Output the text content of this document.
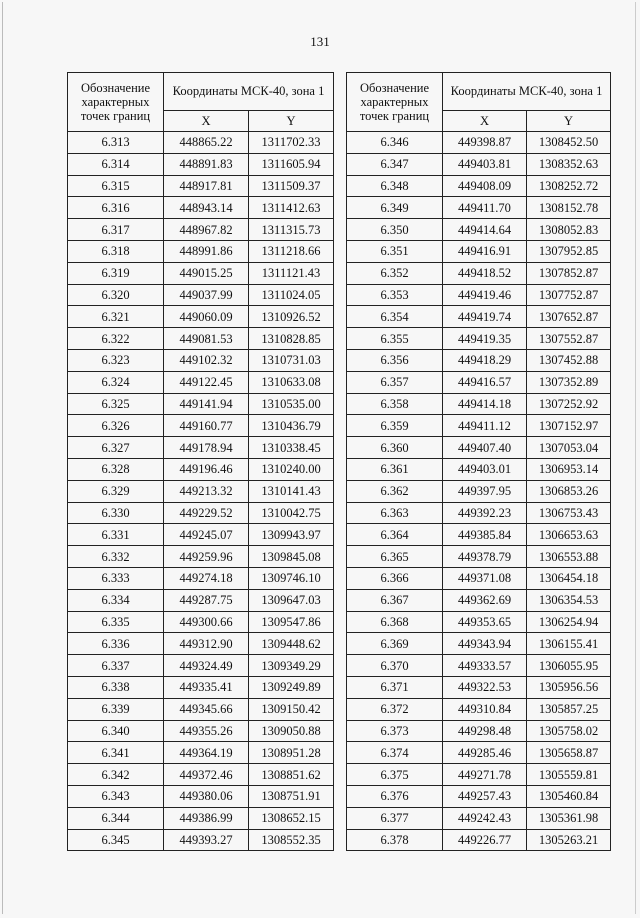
131
Обозначение характерных точек границ	Координаты МСК-40, зона 1	
	X	Y
6.313	448865.22	1311702.33
6.314	448891.83	1311605.94
6.315	448917.81	1311509.37
6.316	448943.14	1311412.63
6.317	448967.82	1311315.73
6.318	448991.86	1311218.66
6.319	449015.25	1311121.43
6.320	449037.99	1311024.05
6.321	449060.09	1310926.52
6.322	449081.53	1310828.85
6.323	449102.32	1310731.03
6.324	449122.45	1310633.08
6.325	449141.94	1310535.00
6.326	449160.77	1310436.79
6.327	449178.94	1310338.45
6.328	449196.46	1310240.00
6.329	449213.32	1310141.43
6.330	449229.52	1310042.75
6.331	449245.07	1309943.97
6.332	449259.96	1309845.08
6.333	449274.18	1309746.10
6.334	449287.75	1309647.03
6.335	449300.66	1309547.86
6.336	449312.90	1309448.62
6.337	449324.49	1309349.29
6.338	449335.41	1309249.89
6.339	449345.66	1309150.42
6.340	449355.26	1309050.88
6.341	449364.19	1308951.28
6.342	449372.46	1308851.62
6.343	449380.06	1308751.91
6.344	449386.99	1308652.15
6.345	449393.27	1308552.35
Обозначение характерных точек границ	Координаты МСК-40, зона 1	
	X	Y
6.346	449398.87	1308452.50
6.347	449403.81	1308352.63
6.348	449408.09	1308252.72
6.349	449411.70	1308152.78
6.350	449414.64	1308052.83
6.351	449416.91	1307952.85
6.352	449418.52	1307852.87
6.353	449419.46	1307752.87
6.354	449419.74	1307652.87
6.355	449419.35	1307552.87
6.356	449418.29	1307452.88
6.357	449416.57	1307352.89
6.358	449414.18	1307252.92
6.359	449411.12	1307152.97
6.360	449407.40	1307053.04
6.361	449403.01	1306953.14
6.362	449397.95	1306853.26
6.363	449392.23	1306753.43
6.364	449385.84	1306653.63
6.365	449378.79	1306553.88
6.366	449371.08	1306454.18
6.367	449362.69	1306354.53
6.368	449353.65	1306254.94
6.369	449343.94	1306155.41
6.370	449333.57	1306055.95
6.371	449322.53	1305956.56
6.372	449310.84	1305857.25
6.373	449298.48	1305758.02
6.374	449285.46	1305658.87
6.375	449271.78	1305559.81
6.376	449257.43	1305460.84
6.377	449242.43	1305361.98
6.378	449226.77	1305263.21
